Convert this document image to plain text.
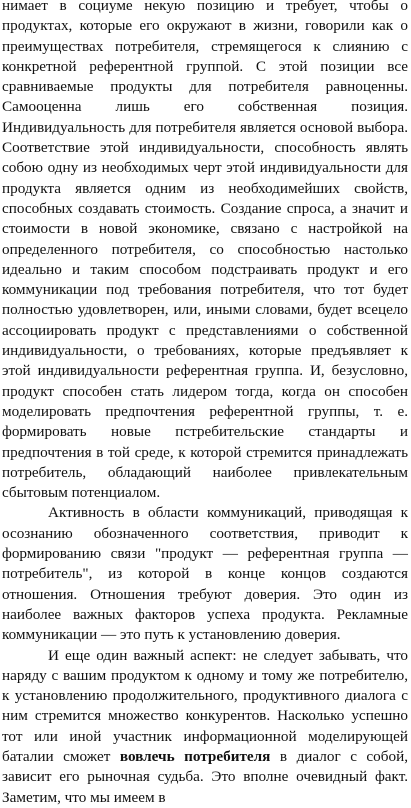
нимает в социуме некую позицию и требует, чтобы о продуктах, которые его окружают в жизни, говорили как о преимуществах потребителя, стремящегося к слиянию с конкретной референтной группой. С этой позиции все сравниваемые продукты для потребителя равноценны. Самооценна лишь его собственная позиция. Индивидуальность для потребителя является основой выбора. Соответствие этой индивидуальности, способность являть собою одну из необходимых черт этой индивидуальности для продукта является одним из необходимейших свойств, способных создавать стоимость. Создание спроса, а значит и стоимости в новой экономике, связано с настройкой на определенного потребителя, со способностью настолько идеально и таким способом подстраивать продукт и его коммуникации под требования потребителя, что тот будет полностью удовлетворен, или, иными словами, будет всецело ассоциировать продукт с представлениями о собственной индивидуальности, о требованиях, которые предъявляет к этой индивидуальности референтная группа. И, безусловно, продукт способен стать лидером тогда, когда он способен моделировать предпочтения референтной группы, т. е. формировать новые пстребительские стандарты и предпочтения в той среде, к которой стремится принадлежать потребитель, обладающий наиболее привлекательным сбытовым потенциалом.

Активность в области коммуникаций, приводящая к осознанию обозначенного соответствия, приводит к формированию связи "продукт — референтная группа — потребитель", из которой в конце концов создаются отношения. Отношения требуют доверия. Это один из наиболее важных факторов успеха продукта. Рекламные коммуникации — это путь к установлению доверия.

И еще один важный аспект: не следует забывать, что наряду с вашим продуктом к одному и тому же потребителю, к установлению продолжительного, продуктивного диалога с ним стремится множество конкурентов. Насколько успешно тот или иной участник информационной моделирующей баталии сможет вовлечь потребителя в диалог с собой, зависит его рыночная судьба. Это вполне очевидный факт. Заметим, что мы имеем в
